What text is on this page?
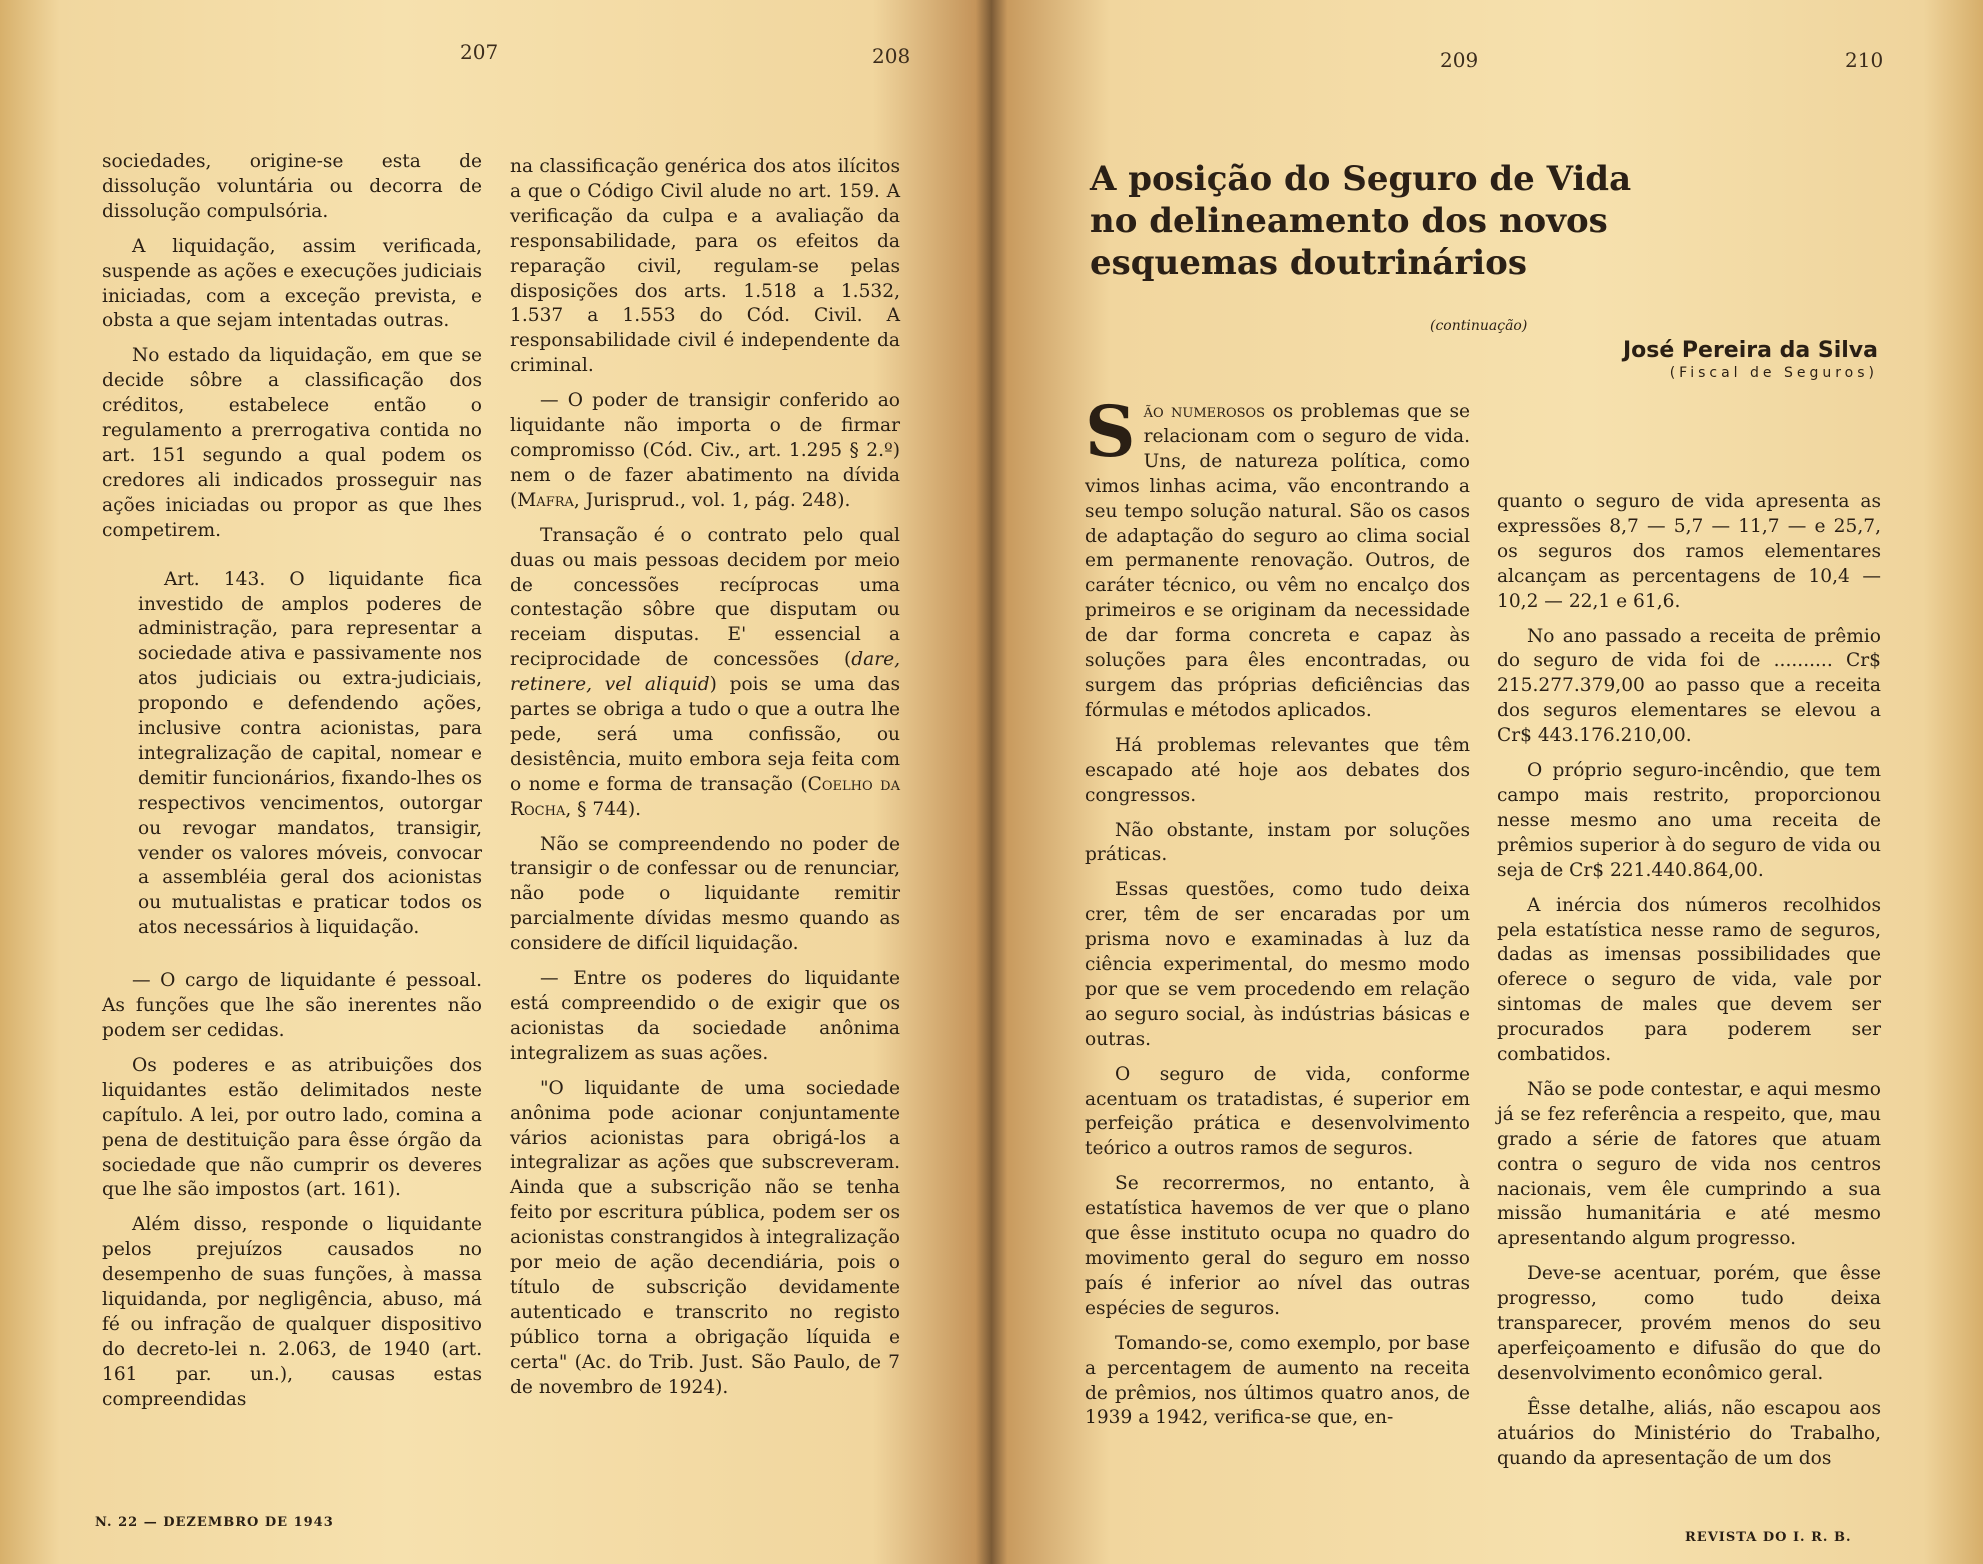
207	208	209	210

sociedades, origine-se esta de dissolução voluntária ou decorra de dissolução compulsória.

A liquidação, assim verificada, suspende as ações e execuções judiciais iniciadas, com a exceção prevista, e obsta a que sejam intentadas outras.

No estado da liquidação, em que se decide sôbre a classificação dos créditos, estabelece então o regulamento a prerrogativa contida no art. 151 segundo a qual podem os credores ali indicados prosseguir nas ações iniciadas ou propor as que lhes competirem.

Art. 143. O liquidante fica investido de amplos poderes de administração, para representar a sociedade ativa e passivamente nos atos judiciais ou extra-judiciais, propondo e defendendo ações, inclusive contra acionistas, para integralização de capital, nomear e demitir funcionários, fixando-lhes os respectivos vencimentos, outorgar ou revogar mandatos, transigir, vender os valores móveis, convocar a assembléia geral dos acionistas ou mutualistas e praticar todos os atos necessários à liquidação.

— O cargo de liquidante é pessoal. As funções que lhe são inerentes não podem ser cedidas.

Os poderes e as atribuições dos liquidantes estão delimitados neste capítulo. A lei, por outro lado, comina a pena de destituição para êsse órgão da sociedade que não cumprir os deveres que lhe são impostos (art. 161).

Além disso, responde o liquidante pelos prejuízos causados no desempenho de suas funções, à massa liquidanda, por negligência, abuso, má fé ou infração de qualquer dispositivo do decreto-lei n. 2.063, de 1940 (art. 161 par. un.), causas estas compreendidas

na classificação genérica dos atos ilícitos a que o Código Civil alude no art. 159. A verificação da culpa e a avaliação da responsabilidade, para os efeitos da reparação civil, regulam-se pelas disposições dos arts. 1.518 a 1.532, 1.537 a 1.553 do Cód. Civil. A responsabilidade civil é independente da criminal.

— O poder de transigir conferido ao liquidante não importa o de firmar compromisso (Cód. Civ., art. 1.295 § 2.º) nem o de fazer abatimento na dívida (Mafra, Jurisprud., vol. 1, pág. 248).

Transação é o contrato pelo qual duas ou mais pessoas decidem por meio de concessões recíprocas uma contestação sôbre que disputam ou receiam disputas. E' essencial a reciprocidade de concessões (dare, retinere, vel aliquid) pois se uma das partes se obriga a tudo o que a outra lhe pede, será uma confissão, ou desistência, muito embora seja feita com o nome e forma de transação (Coelho da Rocha, § 744).

Não se compreendendo no poder de transigir o de confessar ou de renunciar, não pode o liquidante remitir parcialmente dívidas mesmo quando as considere de difícil liquidação.

— Entre os poderes do liquidante está compreendido o de exigir que os acionistas da sociedade anônima integralizem as suas ações.

"O liquidante de uma sociedade anônima pode acionar conjuntamente vários acionistas para obrigá-los a integralizar as ações que subscreveram. Ainda que a subscrição não se tenha feito por escritura pública, podem ser os acionistas constrangidos à integralização por meio de ação decendiária, pois o título de subscrição devidamente autenticado e transcrito no registo público torna a obrigação líquida e certa" (Ac. do Trib. Just. São Paulo, de 7 de novembro de 1924).

A posição do Seguro de Vida no delineamento dos novos esquemas doutrinários
(continuação)
José Pereira da Silva
(Fiscal de Seguros)

São numerosos os problemas que se relacionam com o seguro de vida. Uns, de natureza política, como vimos linhas acima, vão encontrando a seu tempo solução natural. São os casos de adaptação do seguro ao clima social em permanente renovação. Outros, de caráter técnico, ou vêm no encalço dos primeiros e se originam da necessidade de dar forma concreta e capaz às soluções para êles encontradas, ou surgem das próprias deficiências das fórmulas e métodos aplicados.

Há problemas relevantes que têm escapado até hoje aos debates dos congressos.

Não obstante, instam por soluções práticas.

Essas questões, como tudo deixa crer, têm de ser encaradas por um prisma novo e examinadas à luz da ciência experimental, do mesmo modo por que se vem procedendo em relação ao seguro social, às indústrias básicas e outras.

O seguro de vida, conforme acentuam os tratadistas, é superior em perfeição prática e desenvolvimento teórico a outros ramos de seguros.

Se recorrermos, no entanto, à estatística havemos de ver que o plano que êsse instituto ocupa no quadro do movimento geral do seguro em nosso país é inferior ao nível das outras espécies de seguros.

Tomando-se, como exemplo, por base a percentagem de aumento na receita de prêmios, nos últimos quatro anos, de 1939 a 1942, verifica-se que, en-

quanto o seguro de vida apresenta as expressões 8,7 — 5,7 — 11,7 — e 25,7, os seguros dos ramos elementares alcançam as percentagens de 10,4 — 10,2 — 22,1 e 61,6.

No ano passado a receita de prêmio do seguro de vida foi de .......... Cr$ 215.277.379,00 ao passo que a receita dos seguros elementares se elevou a Cr$ 443.176.210,00.

O próprio seguro-incêndio, que tem campo mais restrito, proporcionou nesse mesmo ano uma receita de prêmios superior à do seguro de vida ou seja de Cr$ 221.440.864,00.

A inércia dos números recolhidos pela estatística nesse ramo de seguros, dadas as imensas possibilidades que oferece o seguro de vida, vale por sintomas de males que devem ser procurados para poderem ser combatidos.

Não se pode contestar, e aqui mesmo já se fez referência a respeito, que, mau grado a série de fatores que atuam contra o seguro de vida nos centros nacionais, vem êle cumprindo a sua missão humanitária e até mesmo apresentando algum progresso.

Deve-se acentuar, porém, que êsse progresso, como tudo deixa transparecer, provém menos do seu aperfeiçoamento e difusão do que do desenvolvimento econômico geral.

Êsse detalhe, aliás, não escapou aos atuários do Ministério do Trabalho, quando da apresentação de um dos

N. 22 — DEZEMBRO DE 1943
REVISTA DO I. R. B.
